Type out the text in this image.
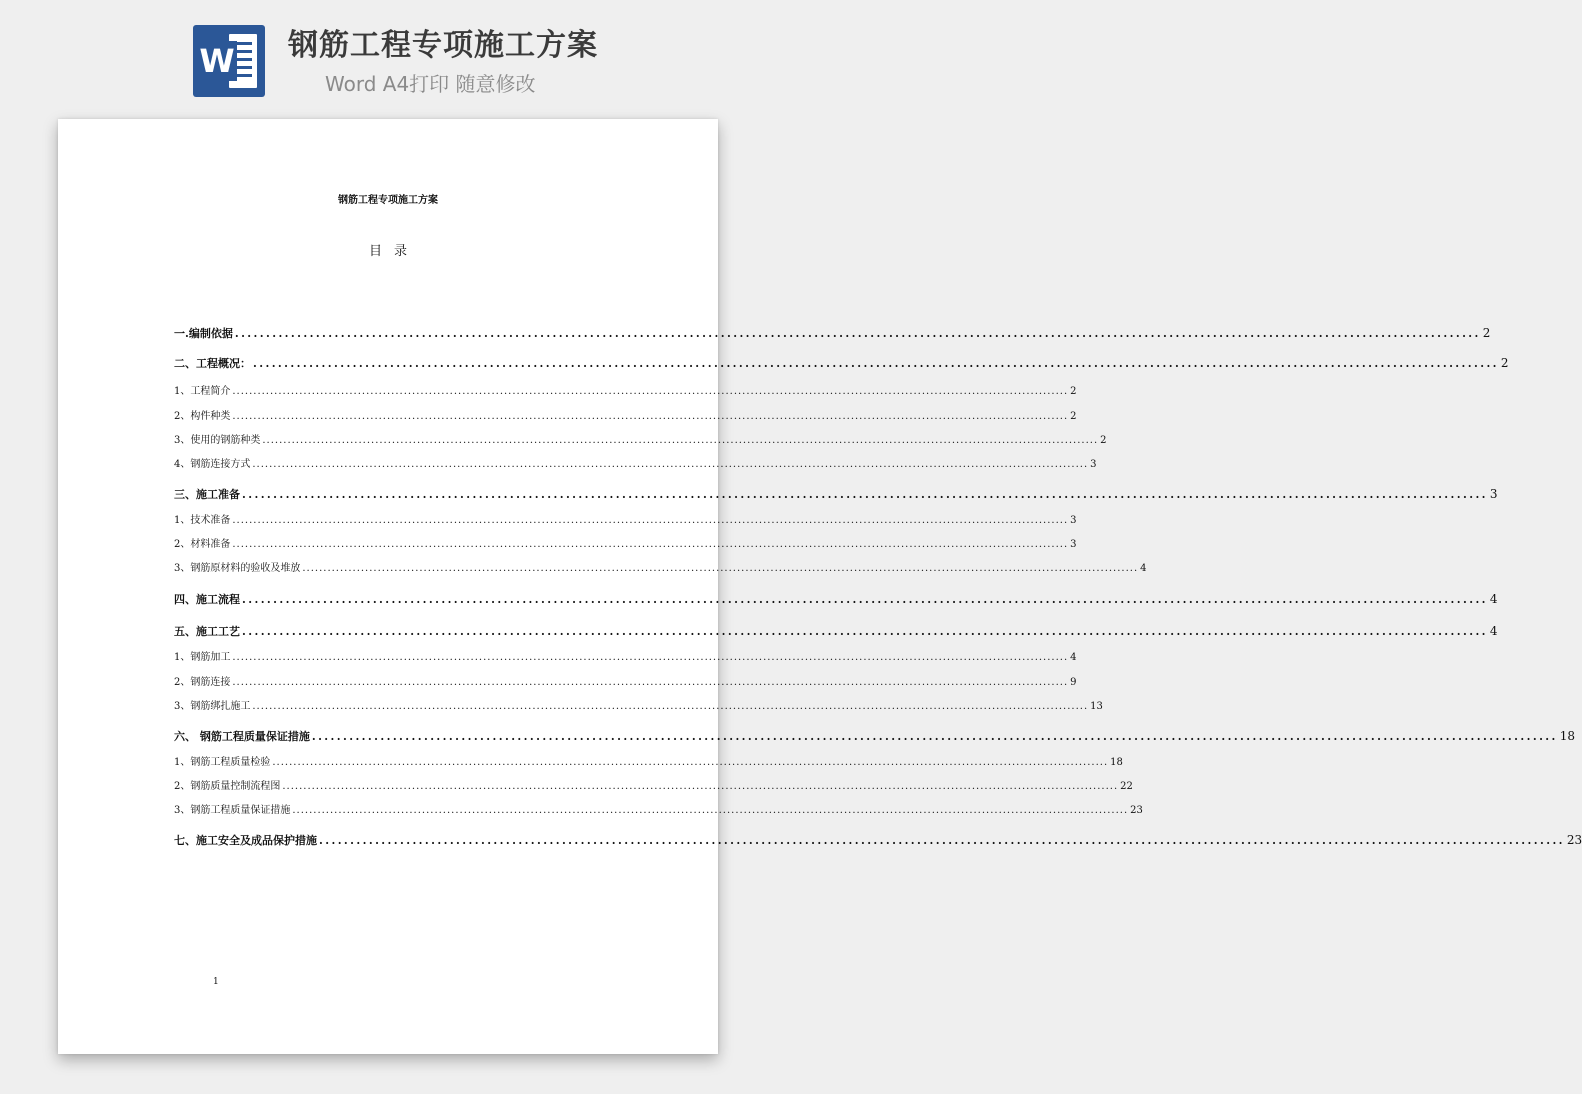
W 钢筋工程专项施工方案
Word A4打印 随意修改
钢筋工程专项施工方案
目录
一.编制依据 ........................................................................................................................................................................................................ 2
二、工程概况： ........................................................................................................................................................................................................ 2
1、工程简介 ........................................................................................................................................................................................................ 2
2、构件种类 ........................................................................................................................................................................................................ 2
3、使用的钢筋种类 ........................................................................................................................................................................................................ 2
4、钢筋连接方式 ........................................................................................................................................................................................................ 3
三、施工准备 ........................................................................................................................................................................................................ 3
1、技术准备 ........................................................................................................................................................................................................ 3
2、材料准备 ........................................................................................................................................................................................................ 3
3、钢筋原材料的验收及堆放 ........................................................................................................................................................................................................ 4
四、施工流程 ........................................................................................................................................................................................................ 4
五、施工工艺 ........................................................................................................................................................................................................ 4
1、钢筋加工 ........................................................................................................................................................................................................ 4
2、钢筋连接 ........................................................................................................................................................................................................ 9
3、钢筋绑扎施工 ........................................................................................................................................................................................................ 13
六、 钢筋工程质量保证措施 ........................................................................................................................................................................................................ 18
1、钢筋工程质量检验 ........................................................................................................................................................................................................ 18
2、钢筋质量控制流程图 ........................................................................................................................................................................................................ 22
3、钢筋工程质量保证措施 ........................................................................................................................................................................................................ 23
七、施工安全及成品保护措施 ........................................................................................................................................................................................................ 23
1
